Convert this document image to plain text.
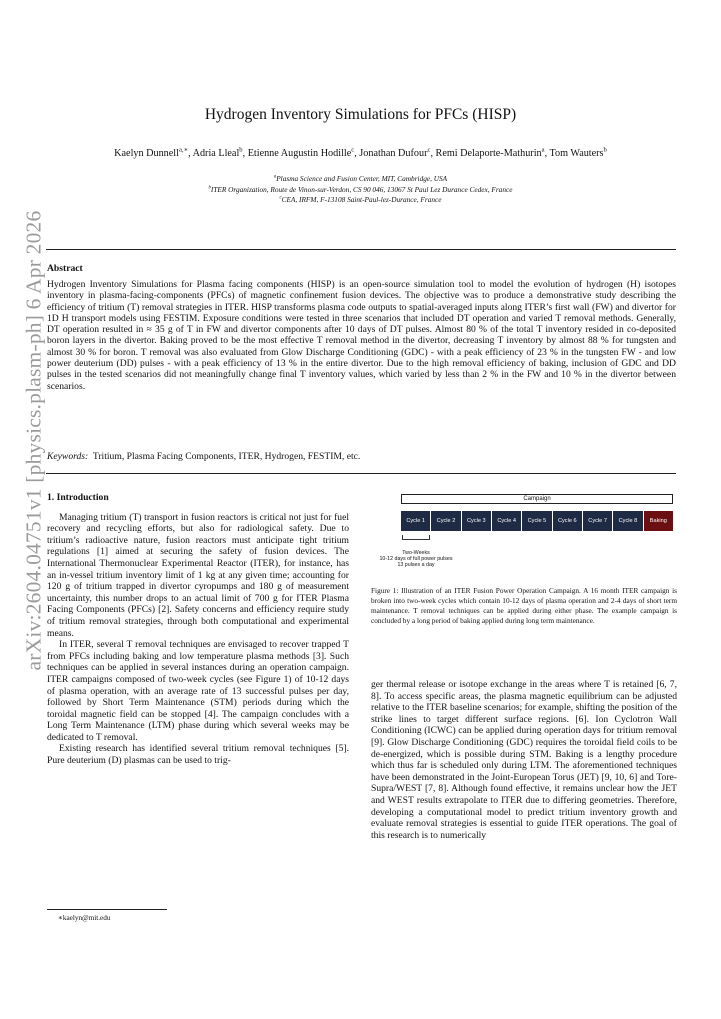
arXiv:2604.04751v1 [physics.plasm-ph] 6 Apr 2026
Hydrogen Inventory Simulations for PFCs (HISP)
Kaelyn Dunnell$^{a,∗}$, Adria Lleal$^b$, Etienne Augustin Hodille$^c$, Jonathan Dufour$^c$, Remi Delaporte-Mathurin$^a$, Tom Wauters$^b$
$^a$Plasma Science and Fusion Center, MIT, Cambridge, USA
$^b$ITER Organization, Route de Vinon-sur-Verdon, CS 90 046, 13067 St Paul Lez Durance Cedex, France
$^c$CEA, IRFM, F-13108 Saint-Paul-lez-Durance, France
Abstract
Hydrogen Inventory Simulations for Plasma facing components (HISP) is an open-source simulation tool to model the evolution of hydrogen (H) isotopes inventory in plasma-facing-components (PFCs) of magnetic confinement fusion devices. The objective was to produce a demonstrative study describing the efficiency of tritium (T) removal strategies in ITER. HISP transforms plasma code outputs to spatial-averaged inputs along ITER’s first wall (FW) and divertor for 1D H transport models using FESTIM. Exposure conditions were tested in three scenarios that included DT operation and varied T removal methods. Generally, DT operation resulted in ≈ 35 g of T in FW and divertor components after 10 days of DT pulses. Almost 80 % of the total T inventory resided in co-deposited boron layers in the divertor. Baking proved to be the most effective T removal method in the divertor, decreasing T inventory by almost 88 % for tungsten and almost 30 % for boron. T removal was also evaluated from Glow Discharge Conditioning (GDC) - with a peak efficiency of 23 % in the tungsten FW - and low power deuterium (DD) pulses - with a peak efficiency of 13 % in the entire divertor. Due to the high removal efficiency of baking, inclusion of GDC and DD pulses in the tested scenarios did not meaningfully change final T inventory values, which varied by less than 2 % in the FW and 10 % in the divertor between scenarios.
Keywords: Tritium, Plasma Facing Components, ITER, Hydrogen, FESTIM, etc.
1. Introduction

Managing tritium (T) transport in fusion reactors is critical not just for fuel recovery and recycling efforts, but also for radiological safety. Due to tritium’s radioactive nature, fusion reactors must anticipate tight tritium regulations [1] aimed at securing the safety of fusion devices. The International Thermonuclear Experimental Reactor (ITER), for instance, has an in-vessel tritium inventory limit of 1 kg at any given time; accounting for 120 g of tritium trapped in divertor cyropumps and 180 g of measurement uncertainty, this number drops to an actual limit of 700 g for ITER Plasma Facing Components (PFCs) [2]. Safety concerns and efficiency require study of tritium removal strategies, through both computational and experimental means.

In ITER, several T removal techniques are envisaged to recover trapped T from PFCs including baking and low temperature plasma methods [3]. Such techniques can be applied in several instances during an operation campaign. ITER campaigns composed of two-week cycles (see Figure 1) of 10-12 days of plasma operation, with an average rate of 13 successful pulses per day, followed by Short Term Maintenance (STM) periods during which the toroidal magnetic field can be stopped [4]. The campaign concludes with a Long Term Maintenance (LTM) phase during which several weeks may be dedicated to T removal.

Existing research has identified several tritium removal techniques [5]. Pure deuterium (D) plasmas can be used to trig-

∗kaelyn@mit.edu
Campaign
Cycle 1	Cycle 2	Cycle 3	Cycle 4	Cycle 5	Cycle 6	Cycle 7	Cycle 8	Baking
Two-Weeks
10-12 days of full power pulses
13 pulses a day
Figure 1: Illustration of an ITER Fusion Power Operation Campaign. A 16 month ITER campaign is broken into two-week cycles which contain 10-12 days of plasma operation and 2-4 days of short term maintenance. T removal techniques can be applied during either phase. The example campaign is concluded by a long period of baking applied during long term maintenance.

ger thermal release or isotope exchange in the areas where T is retained [6, 7, 8]. To access specific areas, the plasma magnetic equilibrium can be adjusted relative to the ITER baseline scenarios; for example, shifting the position of the strike lines to target different surface regions. [6]. Ion Cyclotron Wall Conditioning (ICWC) can be applied during operation days for tritium removal [9]. Glow Discharge Conditioning (GDC) requires the toroidal field coils to be de-energized, which is possible during STM. Baking is a lengthy procedure which thus far is scheduled only during LTM. The aforementioned techniques have been demonstrated in the Joint-European Torus (JET) [9, 10, 6] and Tore-Supra/WEST [7, 8]. Although found effective, it remains unclear how the JET and WEST results extrapolate to ITER due to differing geometries. Therefore, developing a computational model to predict tritium inventory growth and evaluate removal strategies is essential to guide ITER operations. The goal of this research is to numerically
